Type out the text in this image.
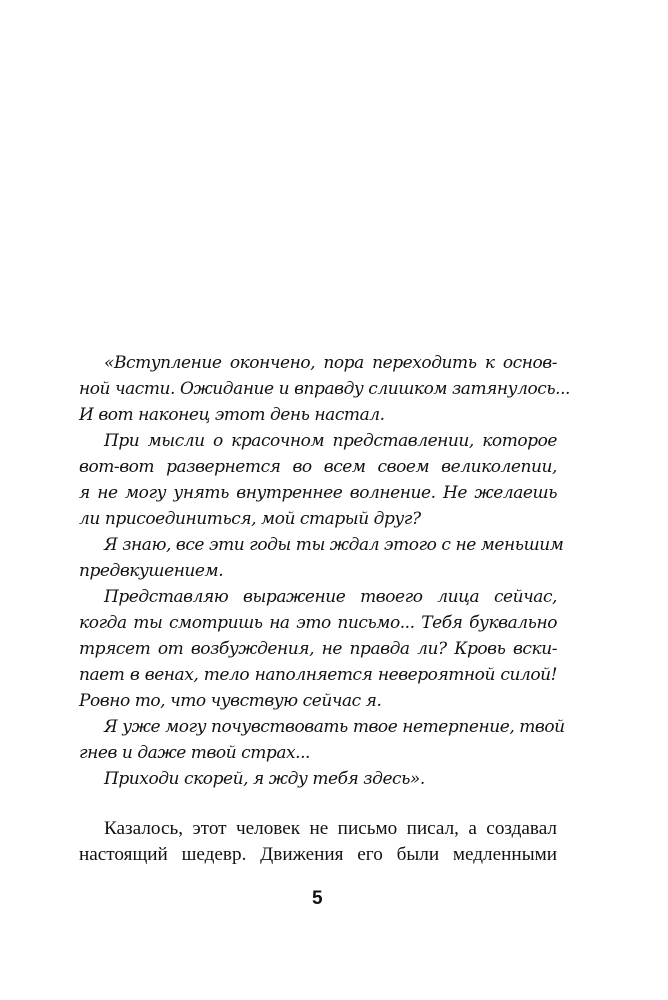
«Вступление окончено, пора переходить к основ-
ной части. Ожидание и вправду слишком затянулось...
И вот наконец этот день настал.
При мысли о красочном представлении, которое
вот-вот развернется во всем своем великолепии,
я не могу унять внутреннее волнение. Не желаешь
ли присоединиться, мой старый друг?
Я знаю, все эти годы ты ждал этого с не меньшим
предвкушением.
Представляю выражение твоего лица сейчас,
когда ты смотришь на это письмо... Тебя буквально
трясет от возбуждения, не правда ли? Кровь вски-
пает в венах, тело наполняется невероятной силой!
Ровно то, что чувствую сейчас я.
Я уже могу почувствовать твое нетерпение, твой
гнев и даже твой страх...
Приходи скорей, я жду тебя здесь».
Казалось, этот человек не письмо писал, а создавал
настоящий шедевр. Движения его были медленными
5
